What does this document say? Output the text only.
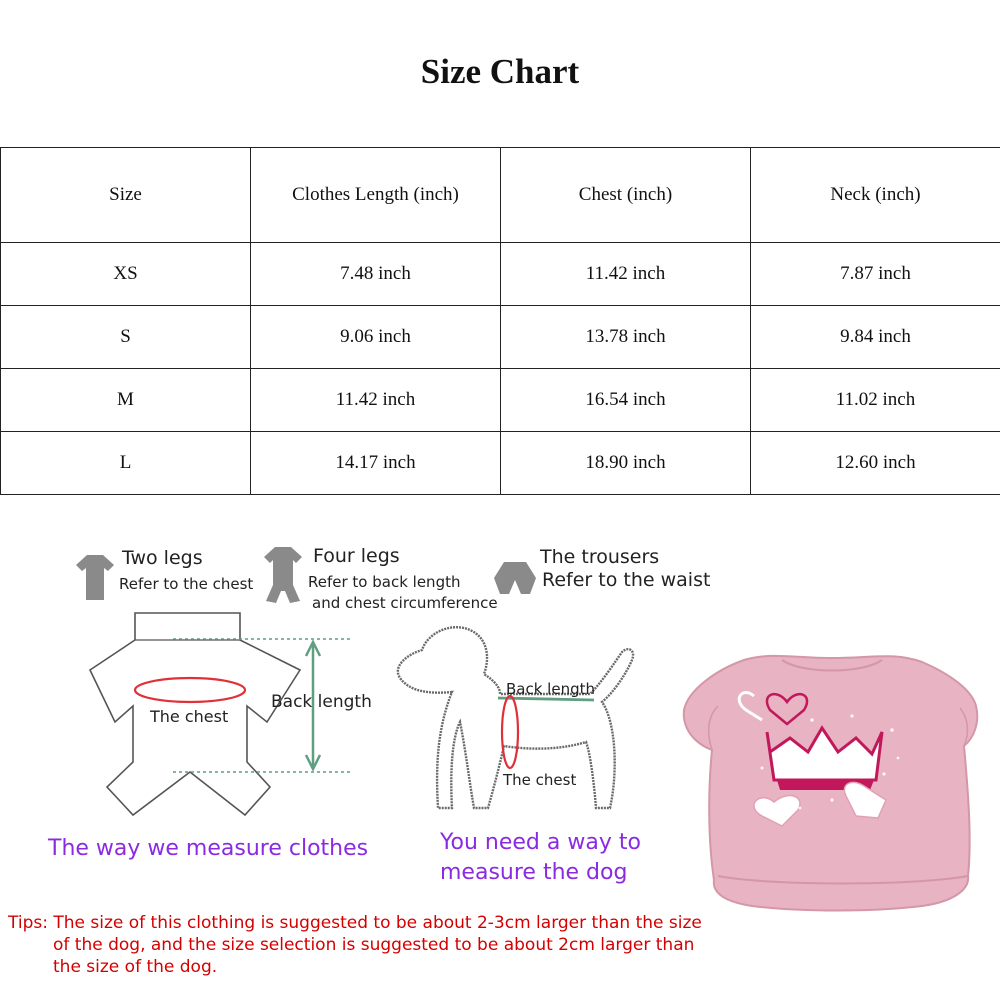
Size Chart
Size	Clothes Length (inch)	Chest (inch)	Neck (inch)
XS	7.48 inch	11.42 inch	7.87 inch
S	9.06 inch	13.78 inch	9.84 inch
M	11.42 inch	16.54 inch	11.02 inch
L	14.17 inch	18.90 inch	12.60 inch
Two legs
Refer to the chest
Four legs
Refer to back length
and chest circumference
The trousers
Refer to the waist
The chest
Back length
The way we measure clothes
Back length
The chest
You need a way to
measure the dog
Tips: The size of this clothing is suggested to be about 2-3cm larger than the size
of the dog, and the size selection is suggested to be about 2cm larger than
the size of the dog.
